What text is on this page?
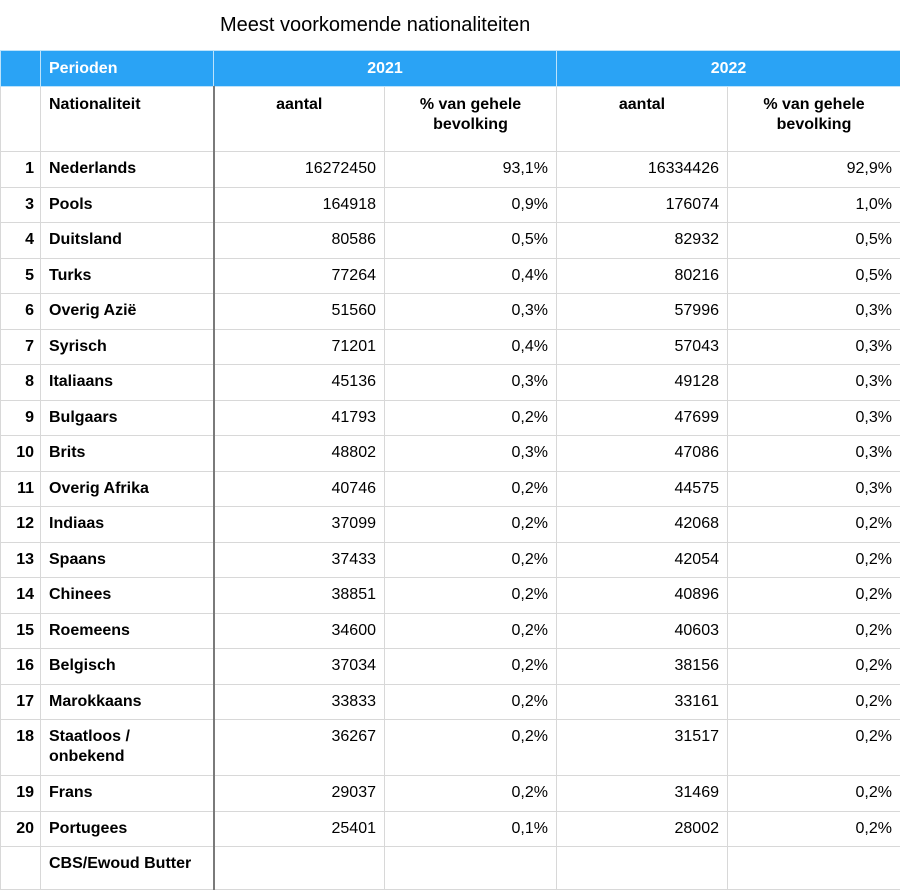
Meest voorkomende nationaliteiten
	Perioden	2021		2022	
	Nationaliteit	aantal	% van gehele bevolking	aantal	% van gehele bevolking
1	Nederlands	16272450	93,1%	16334426	92,9%
3	Pools	164918	0,9%	176074	1,0%
4	Duitsland	80586	0,5%	82932	0,5%
5	Turks	77264	0,4%	80216	0,5%
6	Overig Azië	51560	0,3%	57996	0,3%
7	Syrisch	71201	0,4%	57043	0,3%
8	Italiaans	45136	0,3%	49128	0,3%
9	Bulgaars	41793	0,2%	47699	0,3%
10	Brits	48802	0,3%	47086	0,3%
11	Overig Afrika	40746	0,2%	44575	0,3%
12	Indiaas	37099	0,2%	42068	0,2%
13	Spaans	37433	0,2%	42054	0,2%
14	Chinees	38851	0,2%	40896	0,2%
15	Roemeens	34600	0,2%	40603	0,2%
16	Belgisch	37034	0,2%	38156	0,2%
17	Marokkaans	33833	0,2%	33161	0,2%
18	Staatloos / onbekend	36267	0,2%	31517	0,2%
19	Frans	29037	0,2%	31469	0,2%
20	Portugees	25401	0,1%	28002	0,2%
	CBS/Ewoud Butter				
